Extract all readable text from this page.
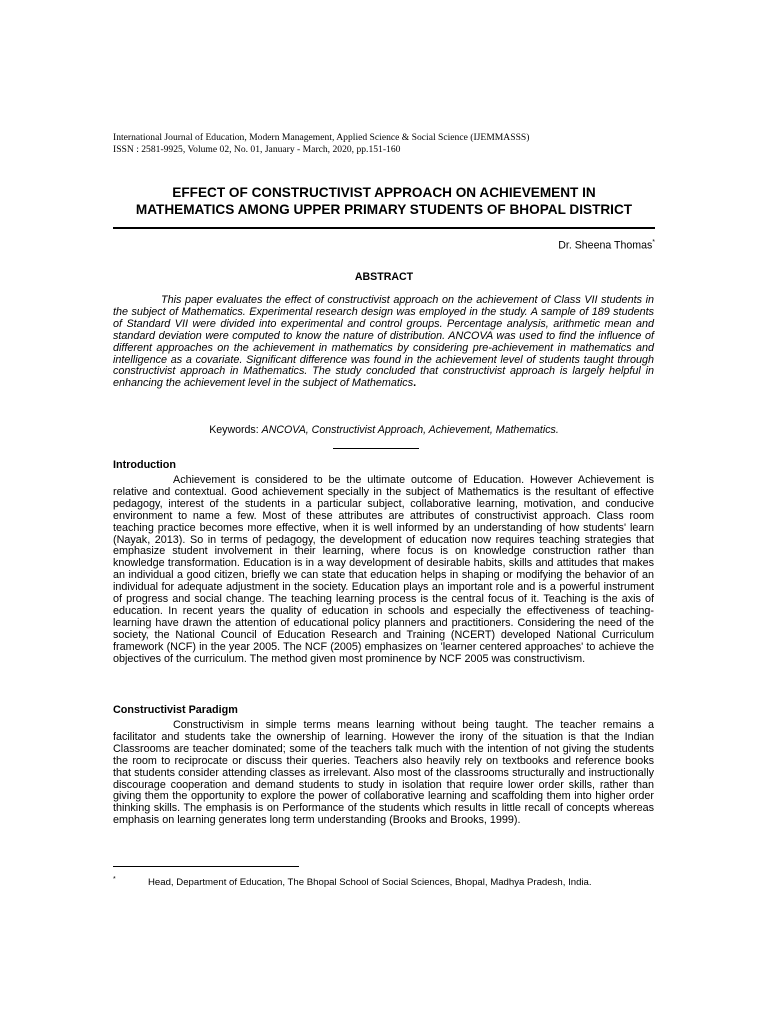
International Journal of Education, Modern Management, Applied Science & Social Science (IJEMMASSS)
ISSN : 2581-9925, Volume 02, No. 01, January - March, 2020, pp.151-160
EFFECT OF CONSTRUCTIVIST APPROACH ON ACHIEVEMENT IN
MATHEMATICS AMONG UPPER PRIMARY STUDENTS OF BHOPAL DISTRICT
Dr. Sheena Thomas*
ABSTRACT

This paper evaluates the effect of constructivist approach on the achievement of Class VII students in the subject of Mathematics. Experimental research design was employed in the study. A sample of 189 students of Standard VII were divided into experimental and control groups. Percentage analysis, arithmetic mean and standard deviation were computed to know the nature of distribution. ANCOVA was used to find the influence of different approaches on the achievement in mathematics by considering pre-achievement in mathematics and intelligence as a covariate. Significant difference was found in the achievement level of students taught through constructivist approach in Mathematics. The study concluded that constructivist approach is largely helpful in enhancing the achievement level in the subject of Mathematics.

Keywords: ANCOVA, Constructivist Approach, Achievement, Mathematics.
Introduction

Achievement is considered to be the ultimate outcome of Education. However Achievement is relative and contextual. Good achievement specially in the subject of Mathematics is the resultant of effective pedagogy, interest of the students in a particular subject, collaborative learning, motivation, and conducive environment to name a few. Most of these attributes are attributes of constructivist approach. Class room teaching practice becomes more effective, when it is well informed by an understanding of how students' learn (Nayak, 2013). So in terms of pedagogy, the development of education now requires teaching strategies that emphasize student involvement in their learning, where focus is on knowledge construction rather than knowledge transformation. Education is in a way development of desirable habits, skills and attitudes that makes an individual a good citizen, briefly we can state that education helps in shaping or modifying the behavior of an individual for adequate adjustment in the society. Education plays an important role and is a powerful instrument of progress and social change. The teaching learning process is the central focus of it. Teaching is the axis of education. In recent years the quality of education in schools and especially the effectiveness of teaching- learning have drawn the attention of educational policy planners and practitioners. Considering the need of the society, the National Council of Education Research and Training (NCERT) developed National Curriculum framework (NCF) in the year 2005. The NCF (2005) emphasizes on 'learner centered approaches' to achieve the objectives of the curriculum. The method given most prominence by NCF 2005 was constructivism.

Constructivist Paradigm

Constructivism in simple terms means learning without being taught. The teacher remains a facilitator and students take the ownership of learning. However the irony of the situation is that the Indian Classrooms are teacher dominated; some of the teachers talk much with the intention of not giving the students the room to reciprocate or discuss their queries. Teachers also heavily rely on textbooks and reference books that students consider attending classes as irrelevant. Also most of the classrooms structurally and instructionally discourage cooperation and demand students to study in isolation that require lower order skills, rather than giving them the opportunity to explore the power of collaborative learning and scaffolding them into higher order thinking skills. The emphasis is on Performance of the students which results in little recall of concepts whereas emphasis on learning generates long term understanding (Brooks and Brooks, 1999).

*	Head, Department of Education, The Bhopal School of Social Sciences, Bhopal, Madhya Pradesh, India.
